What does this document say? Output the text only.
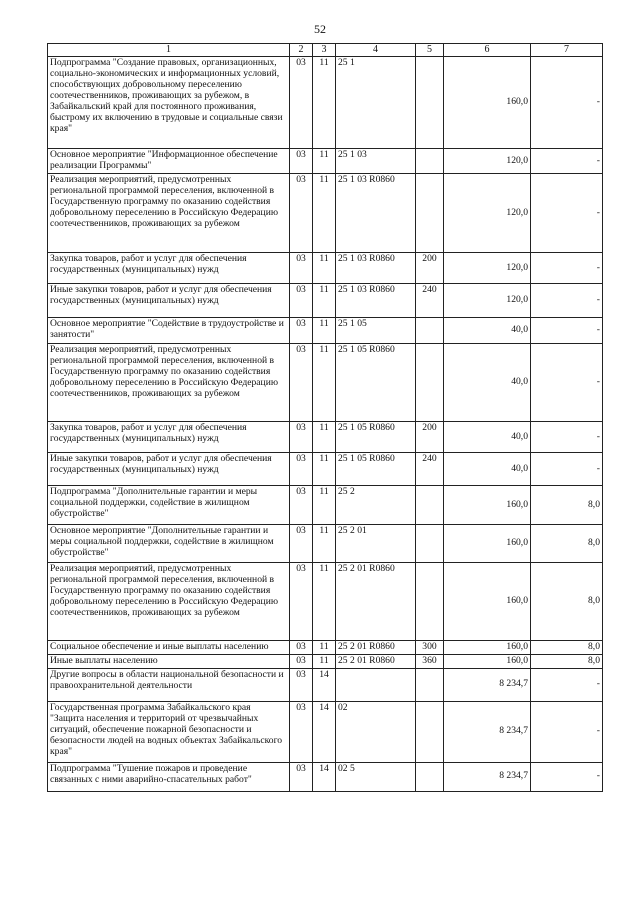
52
1	2	3	4	5	6	7
Подпрограмма "Создание правовых, организационных, социально-экономических и информационных условий, способствующих добровольному переселению соотечественников, проживающих за рубежом, в Забайкальский край для постоянного проживания, быстрому их включению в трудовые и социальные связи края"	03	11	25 1		160,0	-
Основное мероприятие "Информационное обеспечение реализации Программы"	03	11	25 1 03		120,0	-
Реализация мероприятий, предусмотренных региональной программой переселения, включенной в Государственную программу по оказанию содействия добровольному переселению в Российскую Федерацию соотечественников, проживающих за рубежом	03	11	25 1 03 R0860		120,0	-
Закупка товаров, работ и услуг для обеспечения государственных (муниципальных) нужд	03	11	25 1 03 R0860	200	120,0	-
Иные закупки товаров, работ и услуг для обеспечения государственных (муниципальных) нужд	03	11	25 1 03 R0860	240	120,0	-
Основное мероприятие "Содействие в трудоустройстве и занятости"	03	11	25 1 05		40,0	-
Реализация мероприятий, предусмотренных региональной программой переселения, включенной в Государственную программу по оказанию содействия добровольному переселению в Российскую Федерацию соотечественников, проживающих за рубежом	03	11	25 1 05 R0860		40,0	-
Закупка товаров, работ и услуг для обеспечения государственных (муниципальных) нужд	03	11	25 1 05 R0860	200	40,0	-
Иные закупки товаров, работ и услуг для обеспечения государственных (муниципальных) нужд	03	11	25 1 05 R0860	240	40,0	-
Подпрограмма "Дополнительные гарантии и меры социальной поддержки, содействие в жилищном обустройстве"	03	11	25 2		160,0	8,0
Основное мероприятие "Дополнительные гарантии и меры социальной поддержки, содействие в жилищном обустройстве"	03	11	25 2 01		160,0	8,0
Реализация мероприятий, предусмотренных региональной программой переселения, включенной в Государственную программу по оказанию содействия добровольному переселению в Российскую Федерацию соотечественников, проживающих за рубежом	03	11	25 2 01 R0860		160,0	8,0
Социальное обеспечение и иные выплаты населению	03	11	25 2 01 R0860	300	160,0	8,0
Иные выплаты населению	03	11	25 2 01 R0860	360	160,0	8,0
Другие вопросы в области национальной безопасности и правоохранительной деятельности	03	14			8 234,7	-
Государственная программа Забайкальского края "Защита населения и территорий от чрезвычайных ситуаций, обеспечение пожарной безопасности и безопасности людей на водных объектах Забайкальского края"	03	14	02		8 234,7	-
Подпрограмма "Тушение пожаров и проведение связанных с ними аварийно-спасательных работ"	03	14	02 5		8 234,7	-
